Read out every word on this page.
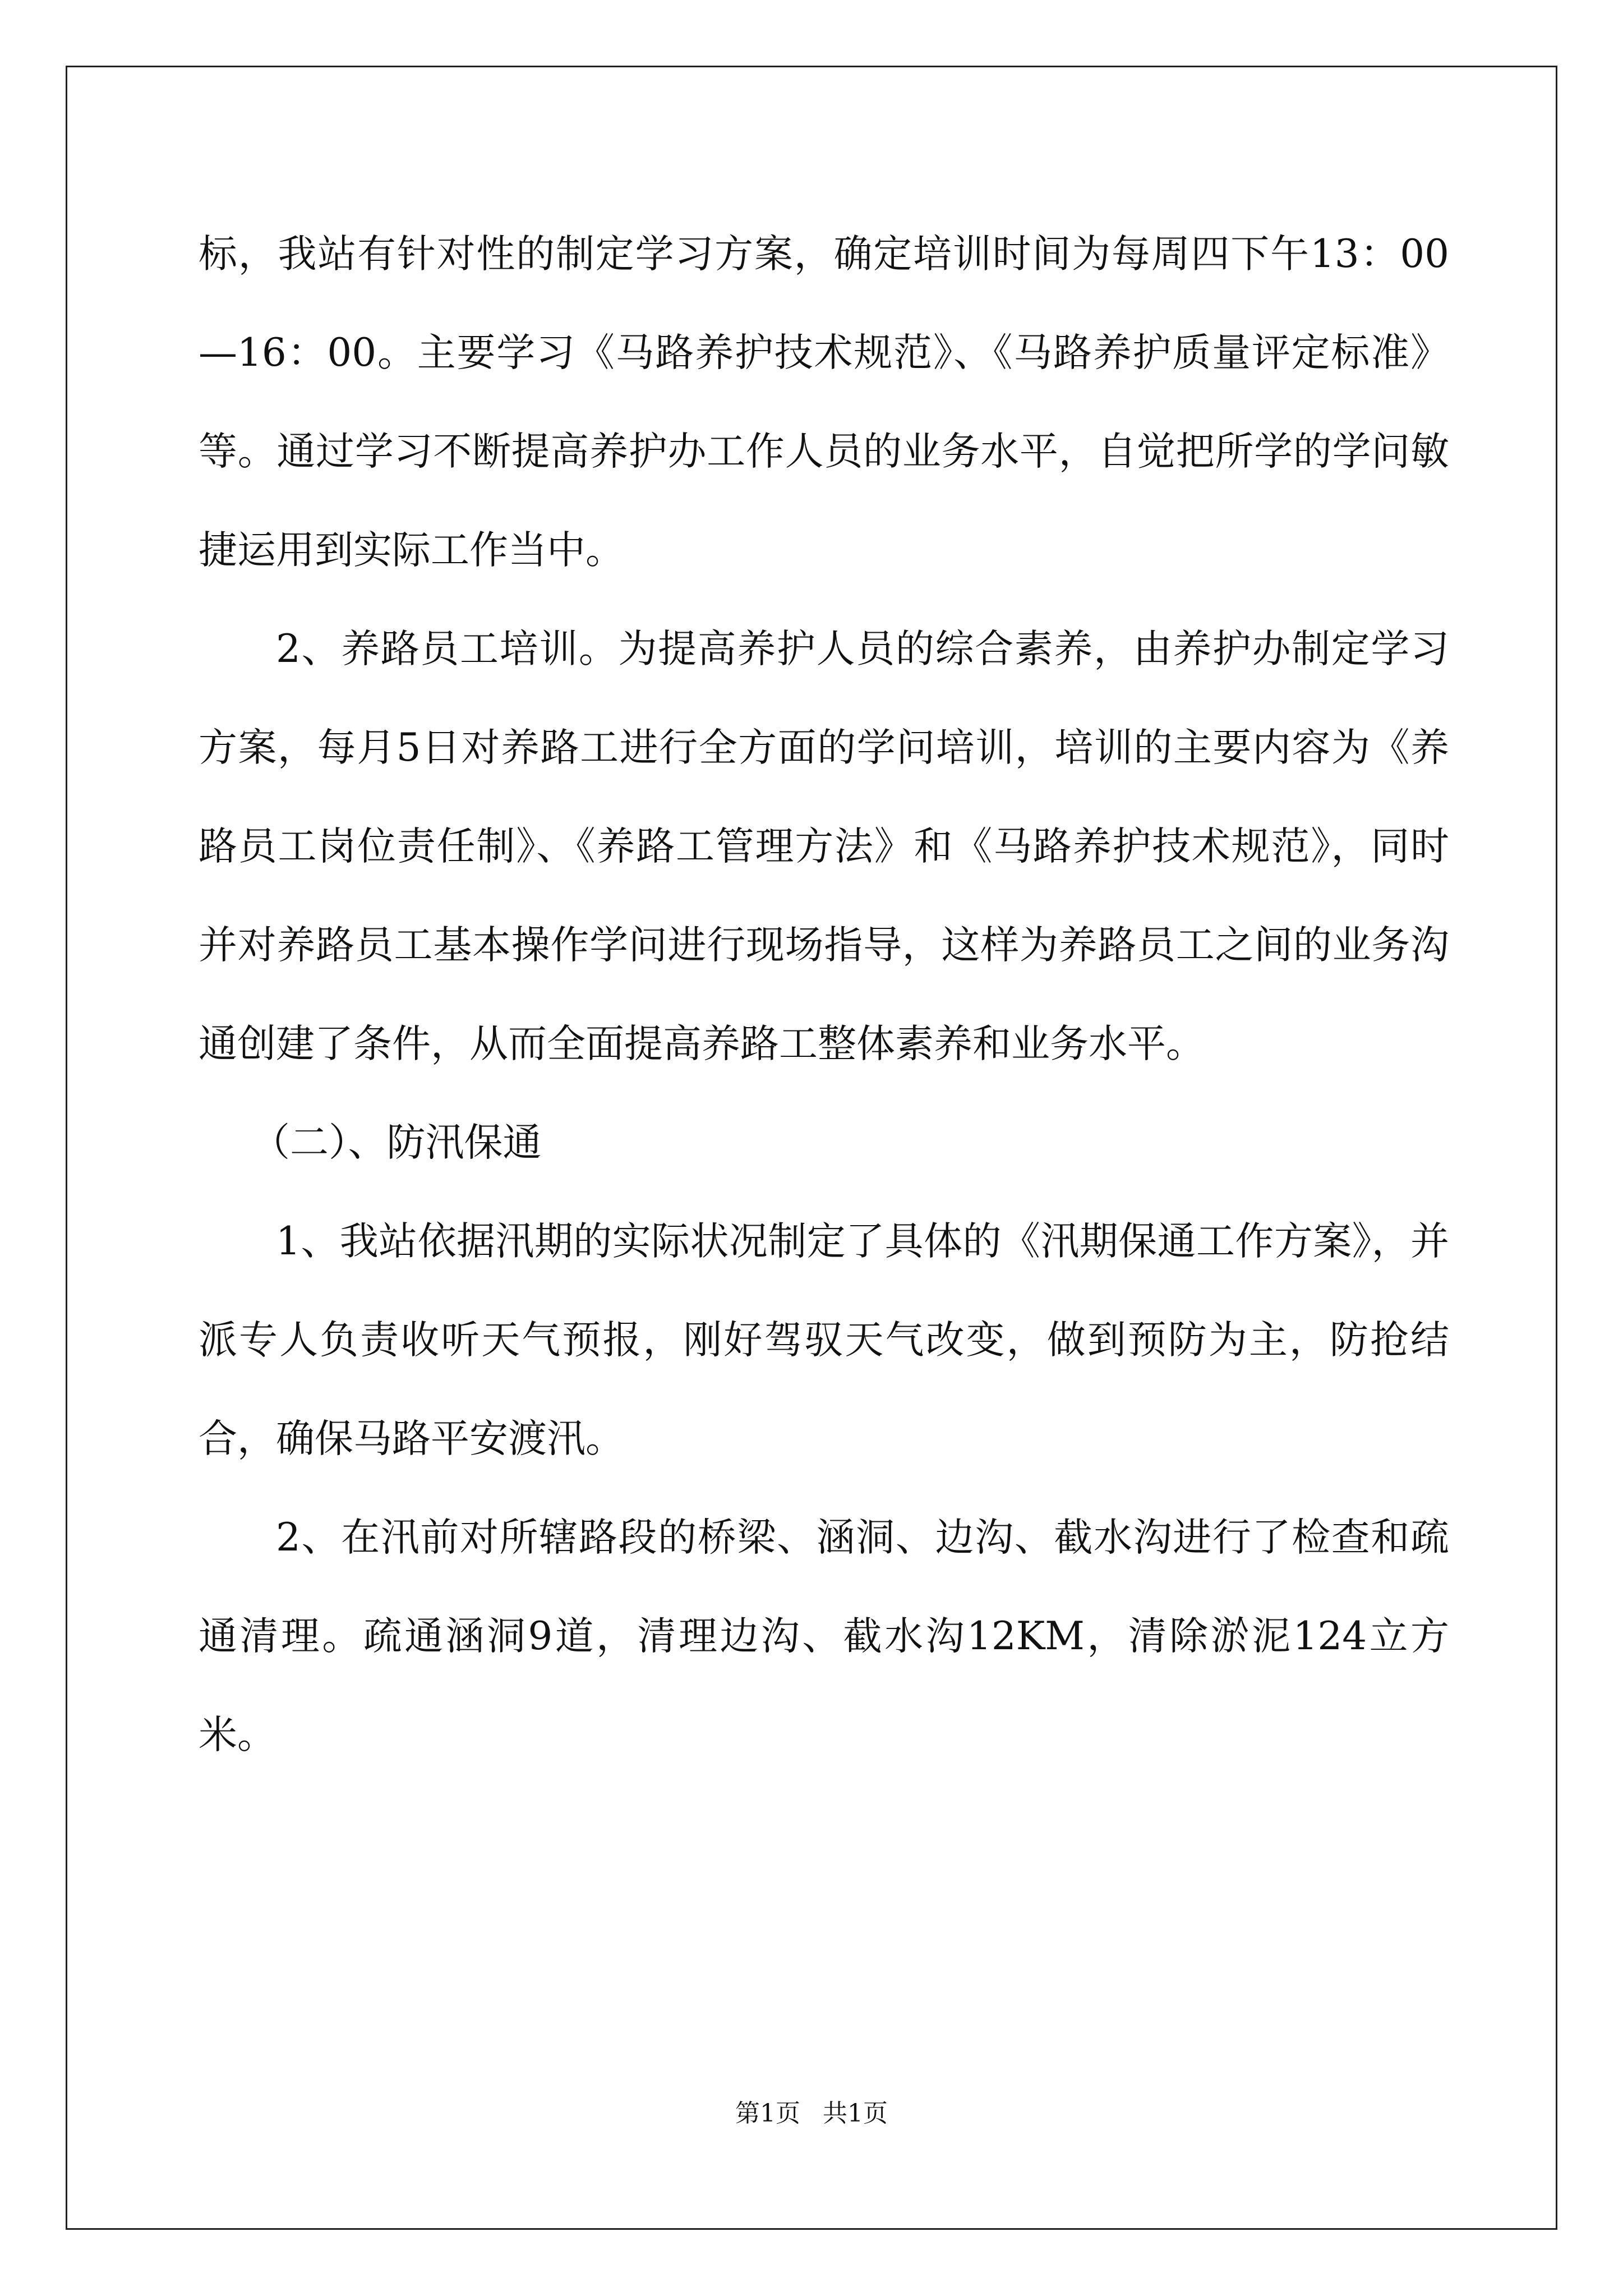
标，我站有针对性的制定学习方案，确定培训时间为每周四下午13：00—16：00。主要学习《马路养护技术规范》、《马路养护质量评定标准》等。通过学习不断提高养护办工作人员的业务水平，自觉把所学的学问敏捷运用到实际工作当中。

2、养路员工培训。为提高养护人员的综合素养，由养护办制定学习方案，每月5日对养路工进行全方面的学问培训，培训的主要内容为《养路员工岗位责任制》、《养路工管理方法》和《马路养护技术规范》，同时并对养路员工基本操作学问进行现场指导，这样为养路员工之间的业务沟通创建了条件，从而全面提高养路工整体素养和业务水平。

（二）、防汛保通

1、我站依据汛期的实际状况制定了具体的《汛期保通工作方案》，并派专人负责收听天气预报，刚好驾驭天气改变，做到预防为主，防抢结合，确保马路平安渡汛。

2、在汛前对所辖路段的桥梁、涵洞、边沟、截水沟进行了检查和疏通清理。疏通涵洞9道，清理边沟、截水沟12KM，清除淤泥124立方米。

第1页 共1页
